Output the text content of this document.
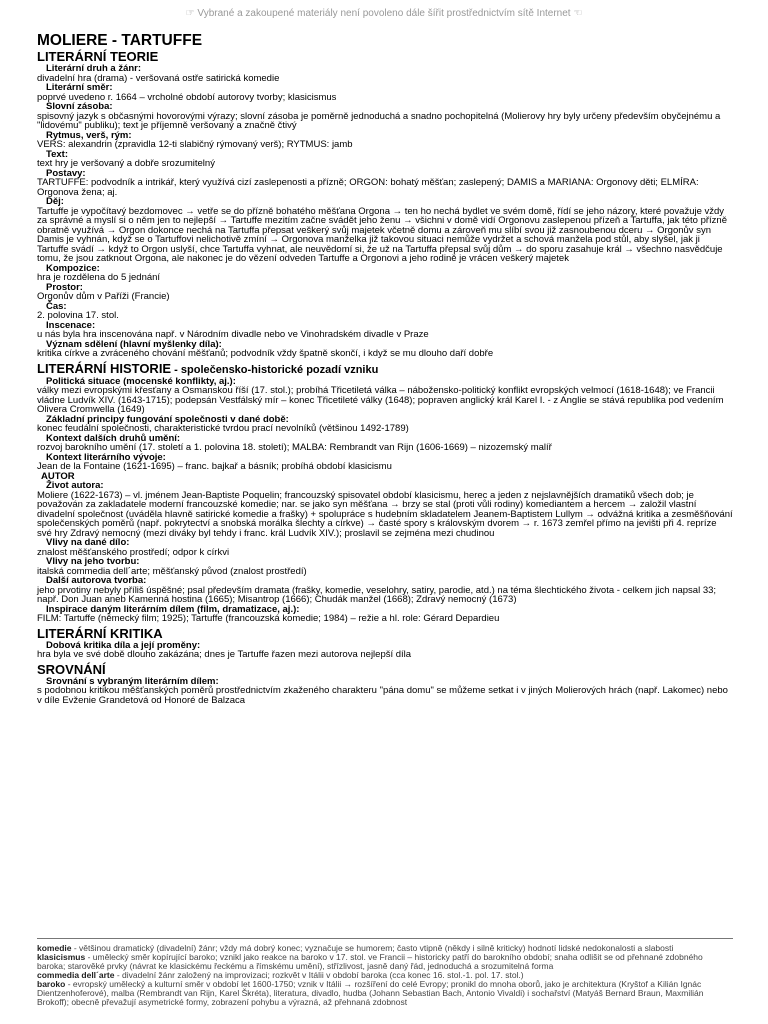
☞ Vybrané a zakoupené materiály není povoleno dále šířit prostřednictvím sítě Internet ☜
MOLIERE - TARTUFFE
LITERÁRNÍ TEORIE
Literární druh a žánr:
divadelní hra (drama) - veršovaná ostře satirická komedie
Literární směr:
poprvé uvedeno r. 1664 – vrcholné období autorovy tvorby; klasicismus
Slovní zásoba:
spisovný jazyk s občasnými hovorovými výrazy; slovní zásoba je poměrně jednoduchá a snadno pochopitelná (Molierovy hry byly určeny především obyčejnému a "lidovému" publiku); text je příjemně veršovaný a značně čtivý
Rytmus, verš, rým:
VERS: alexandrin (zpravidla 12-ti slabičný rýmovaný verš); RYTMUS: jamb
Text:
text hry je veršovaný a dobře srozumitelný
Postavy:
TARTUFFE: podvodník a intrikář, který využívá cizí zaslepenosti a přízně; ORGON: bohatý měšťan; zaslepený; DAMIS a MARIANA: Orgonovy děti; ELMÍRA: Orgonova žena; aj.
Děj:
Tartuffe je vypočítavý bezdomovec → vetře se do přízně bohatého měšťana Orgona → ten ho nechá bydlet ve svém domě, řídí se jeho názory, které považuje vždy za správné a myslí si o něm jen to nejlepší → Tartuffe mezitím začne svádět jeho ženu → všichni v domě vidí Orgonovu zaslepenou přízeň a Tartuffa, jak této přízně obratně využívá → Orgon dokonce nechá na Tartuffa přepsat veškerý svůj majetek včetně domu a zároveň mu slíbí svou již zasnoubenou dceru → Orgonův syn Damis je vyhnán, když se o Tartuffovi nelichotivě zmíní → Orgonova manželka již takovou situaci nemůže vydržet a schová manžela pod stůl, aby slyšel, jak ji Tartuffe svádí → když to Orgon uslyší, chce Tartuffa vyhnat, ale neuvědomí si, že už na Tartuffa přepsal svůj dům → do sporu zasahuje král → všechno nasvědčuje tomu, že jsou zatknout Orgona, ale nakonec je do vězení odveden Tartuffe a Orgonovi a jeho rodině je vrácen veškerý majetek
Kompozice:
hra je rozdělena do 5 jednání
Prostor:
Orgonův dům v Paříži (Francie)
Čas:
2. polovina 17. stol.
Inscenace:
u nás byla hra inscenována např. v Národním divadle nebo ve Vinohradském divadle v Praze
Význam sdělení (hlavní myšlenky díla):
kritika církve a zvráceného chování měšťanů; podvodník vždy špatně skončí, i když se mu dlouho daří dobře
LITERÁRNÍ HISTORIE - společensko-historické pozadí vzniku
Politická situace (mocenské konflikty, aj.):
války mezi evropskými křesťany a Osmanskou říší (17. stol.); probíhá Třicetiletá válka – náboženskо-politický konflikt evropských velmocí (1618-1648); ve Francii vládne Ludvík XIV. (1643-1715); podepsán Vestfálský mír – konec Třicetileté války (1648); popraven anglický král Karel I. - z Anglie se stává republika pod vedením Olivera Cromwella (1649)
Základní principy fungování společnosti v dané době:
konec feudální společnosti, charakteristické tvrdou prací nevolníků (většinou 1492-1789)
Kontext dalších druhů umění:
rozvoj barokního umění (17. století a 1. polovina 18. století); MALBA: Rembrandt van Rijn (1606-1669) – nizozemský malíř
Kontext literárního vývoje:
Jean de la Fontaine (1621-1695) – franc. bajkař a básník; probíhá období klasicismu
AUTOR
Život autora:
Moliere (1622-1673) – vl. jménem Jean-Baptiste Poquelin; francouzský spisovatel období klasicismu, herec a jeden z nejslavnějších dramatiků všech dob; je považován za zakladatele moderní francouzské komedie; nar. se jako syn měšťana → brzy se stal (proti vůli rodiny) komediantem a hercem → založil vlastní divadelní společnost (uváděla hlavně satirické komedie a frašky) + spolupráce s hudebním skladatelem Jeanem-Baptistem Lullym → odvážná kritika a zesměšňování společenských poměrů (např. pokrytectví a snobská morálka šlechty a církve) → časté spory s královským dvorem → r. 1673 zemřel přímo na jevišti při 4. repríze své hry Zdravý nemocný (mezi diváky byl tehdy i franc. král Ludvík XIV.); proslavil se zejména mezi chudinou
Vlivy na dané dílo:
znalost měšťanského prostředí; odpor k církvi
Vlivy na jeho tvorbu:
italská commedia dell´arte; měšťanský původ (znalost prostředí)
Další autorova tvorba:
jeho prvotiny nebyly příliš úspěšné; psal především dramata (frašky, komedie, veselohry, satiry, parodie, atd.) na téma šlechtického života - celkem jich napsal 33; např. Don Juan aneb Kamenná hostina (1665); Misantrop (1666); Chudák manžel (1668); Zdravý nemocný (1673)
Inspirace daným literárním dílem (film, dramatizace, aj.):
FILM: Tartuffe (německý film; 1925); Tartuffe (francouzská komedie; 1984) – režie a hl. role: Gérard Depardieu
LITERÁRNÍ KRITIKA
Dobová kritika díla a její proměny:
hra byla ve své době dlouho zakázána; dnes je Tartuffe řazen mezi autorova nejlepší díla
SROVNÁNÍ
Srovnání s vybraným literárním dílem:
s podobnou kritikou měšťanských poměrů prostřednictvím zkaženého charakteru "pána domu" se můžeme setkat i v jiných Molierových hrách (např. Lakomec) nebo v díle Evženie Grandetová od Honoré de Balzaca
komedie - většinou dramatický (divadelní) žánr; vždy má dobrý konec; vyznačuje se humorem; často vtipně (někdy i silně kriticky) hodnotí lidské nedokonalosti a slabosti
klasicismus - umělecký směr kopírující baroko; vznikl jako reakce na baroko v 17. stol. ve Francii – historicky patří do barokního období; snaha odlišit se od přehnané zdobného baroka; starověké prvky (návrat ke klasickému řeckému a římskému umění), střízlivost, jasně daný řád, jednoduchá a srozumitelná forma
commedia dell´arte - divadelní žánr založený na improvizaci; rozkvět v Itálii v období baroka (cca konec 16. stol.-1. pol. 17. stol.)
baroko - evropský umělecký a kulturní směr v období let 1600-1750; vznik v Itálii → rozšíření do celé Evropy; pronikl do mnoha oborů, jako je architektura (Kryštof a Kilián Ignác Dientzenhoferové), malba (Rembrandt van Rijn, Karel Škréta), literatura, divadlo, hudba (Johann Sebastian Bach, Antonio Vivaldi) i sochařství (Matyáš Bernard Braun, Maxmilián Brokoff); obecně převažují asymetrické formy, zobrazení pohybu a výrazná, až přehnaná zdobnost
